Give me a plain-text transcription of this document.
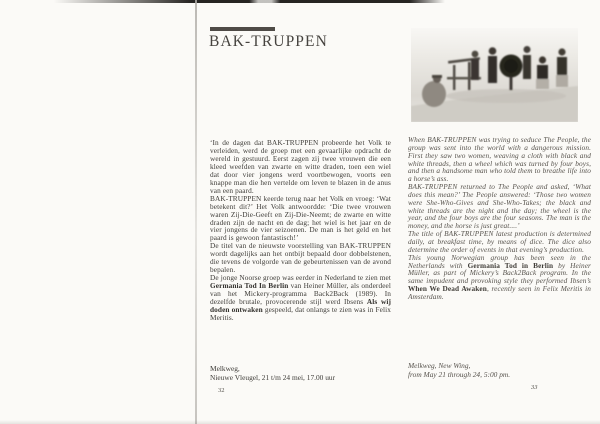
BAK-TRUPPEN

‘In de dagen dat BAK-TRUPPEN probeerde het Volk te verleiden, werd de groep met een gevaarlijke opdracht de wereld in gestuurd. Eerst zagen zij twee vrouwen die een kleed weefden van zwarte en witte draden, toen een wiel dat door vier jongens werd voortbewogen, voorts een knappe man die hen vertelde om leven te blazen in de anus van een paard.

BAK-TRUPPEN keerde terug naar het Volk en vroeg: ‘Wat betekent dit?’ Het Volk antwoordde: ‘Die twee vrouwen waren Zij-Die-Geeft en Zij-Die-Neemt; de zwarte en witte draden zijn de nacht en de dag; het wiel is het jaar en de vier jongens de vier seizoenen. De man is het geld en het paard is gewoon fantastisch!’

De titel van de nieuwste voorstelling van BAK-TRUPPEN wordt dagelijks aan het ontbijt bepaald door dobbelstenen, die tevens de volgorde van de gebeurtenissen van de avond bepalen.

De jonge Noorse groep was eerder in Nederland te zien met Germania Tod In Berlin van Heiner Müller, als onderdeel van het Mickery-programma Back2Back (1989). In dezelfde brutale, provocerende stijl werd Ibsens Als wij doden ontwaken gespeeld, dat onlangs te zien was in Felix Meritis.

Melkweg,
Nieuwe Vleugel, 21 t/m 24 mei, 17.00 uur
32

When BAK-TRUPPEN was trying to seduce The People, the group was sent into the world with a dangerous mission. First they saw two women, weaving a cloth with black and white threads, then a wheel which was turned by four boys, and then a handsome man who told them to breathe life into a horse’s ass.

BAK-TRUPPEN returned to The People and asked, ‘What does this mean?’ The People answered: ‘Those two women were She-Who-Gives and She-Who-Takes; the black and white threads are the night and the day; the wheel is the year, and the four boys are the four seasons. The man is the money, and the horse is just great....’

The title of BAK-TRUPPEN latest production is determined daily, at breakfast time, by means of dice. The dice also determine the order of events in that evening’s production.

This young Norwegian group has been seen in the Netherlands with Germania Tod in Berlin by Heiner Müller, as part of Mickery’s Back2Back program. In the same impudent and provoking style they performed Ibsen’s When We Dead Awaken, recently seen in Felix Meritis in Amsterdam.

Melkweg, New Wing,
from May 21 through 24, 5:00 pm.
33
